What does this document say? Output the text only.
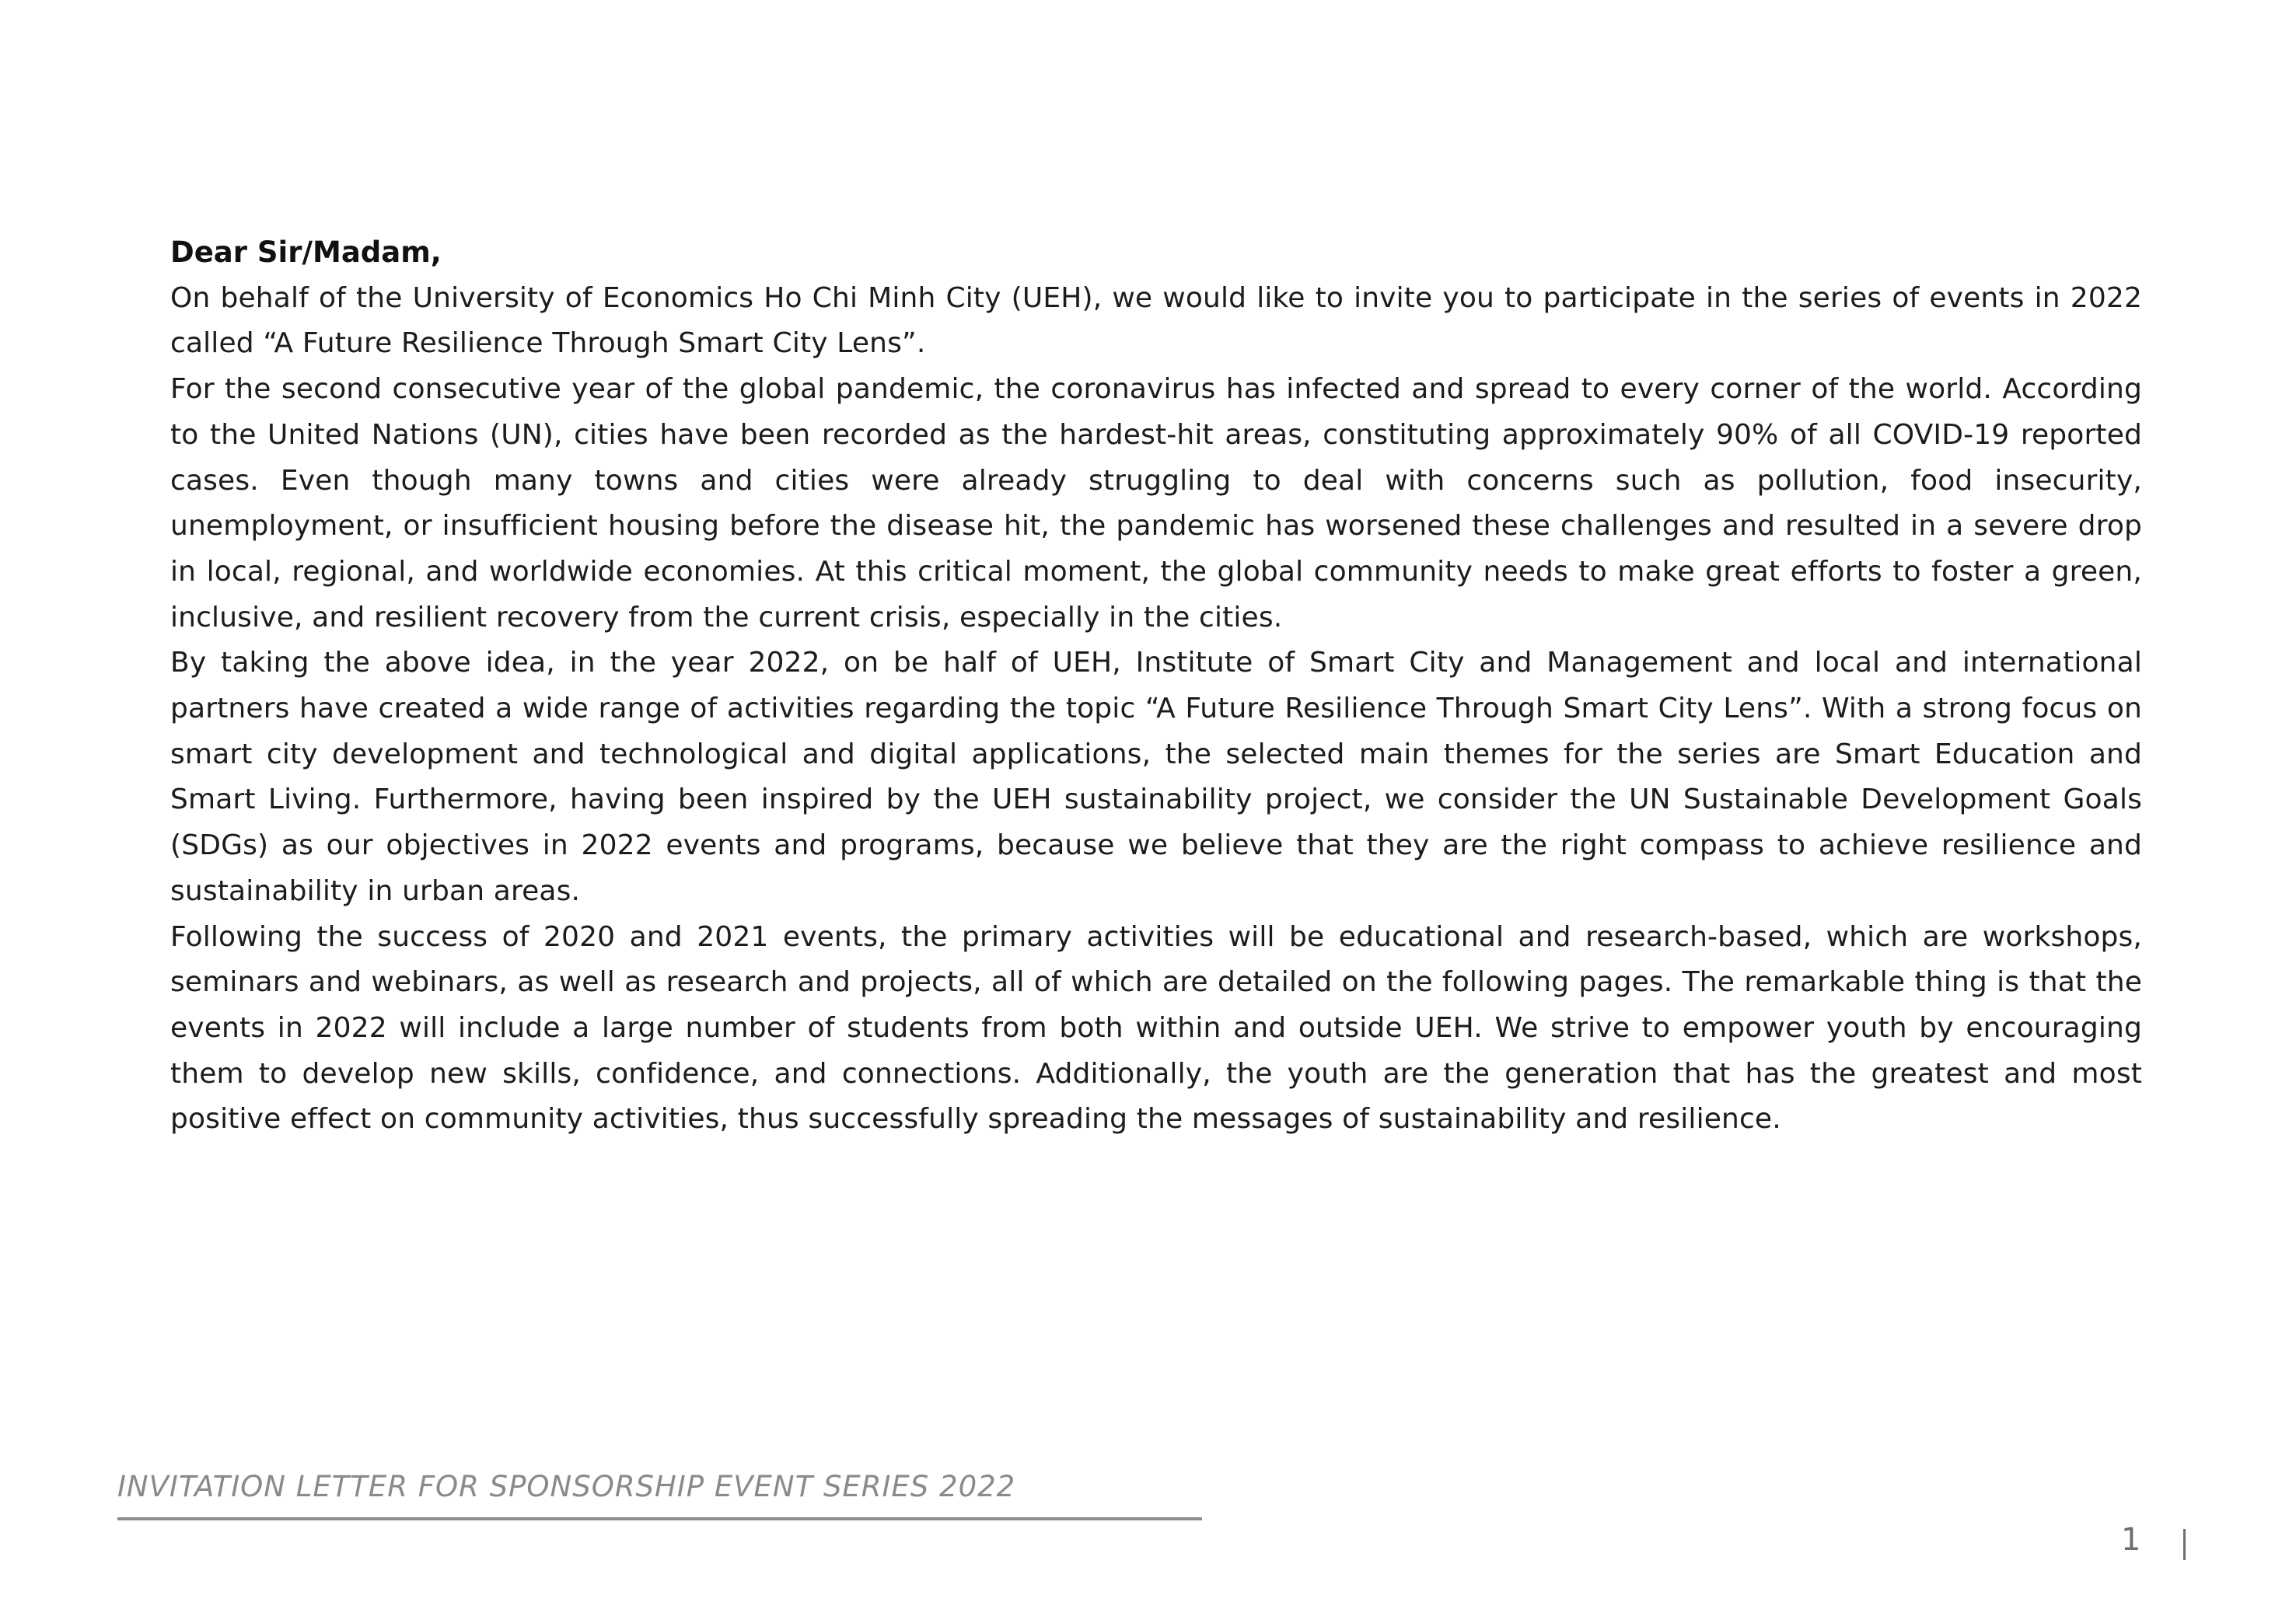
Dear Sir/Madam,

On behalf of the University of Economics Ho Chi Minh City (UEH), we would like to invite you to participate in the series of events in 2022 called “A Future Resilience Through Smart City Lens”.

For the second consecutive year of the global pandemic, the coronavirus has infected and spread to every corner of the world. According to the United Nations (UN), cities have been recorded as the hardest-hit areas, constituting approximately 90% of all COVID-19 reported cases. Even though many towns and cities were already struggling to deal with concerns such as pollution, food insecurity, unemployment, or insufficient housing before the disease hit, the pandemic has worsened these challenges and resulted in a severe drop in local, regional, and worldwide economies. At this critical moment, the global community needs to make great efforts to foster a green, inclusive, and resilient recovery from the current crisis, especially in the cities.

By taking the above idea, in the year 2022, on be half of UEH, Institute of Smart City and Management and local and international partners have created a wide range of activities regarding the topic “A Future Resilience Through Smart City Lens”. With a strong focus on smart city development and technological and digital applications, the selected main themes for the series are Smart Education and Smart Living. Furthermore, having been inspired by the UEH sustainability project, we consider the UN Sustainable Development Goals (SDGs) as our objectives in 2022 events and programs, because we believe that they are the right compass to achieve resilience and sustainability in urban areas.

Following the success of 2020 and 2021 events, the primary activities will be educational and research-based, which are workshops, seminars and webinars, as well as research and projects, all of which are detailed on the following pages. The remarkable thing is that the events in 2022 will include a large number of students from both within and outside UEH. We strive to empower youth by encouraging them to develop new skills, confidence, and connections. Additionally, the youth are the generation that has the greatest and most positive effect on community activities, thus successfully spreading the messages of sustainability and resilience.

INVITATION LETTER FOR SPONSORSHIP EVENT SERIES 2022
1
